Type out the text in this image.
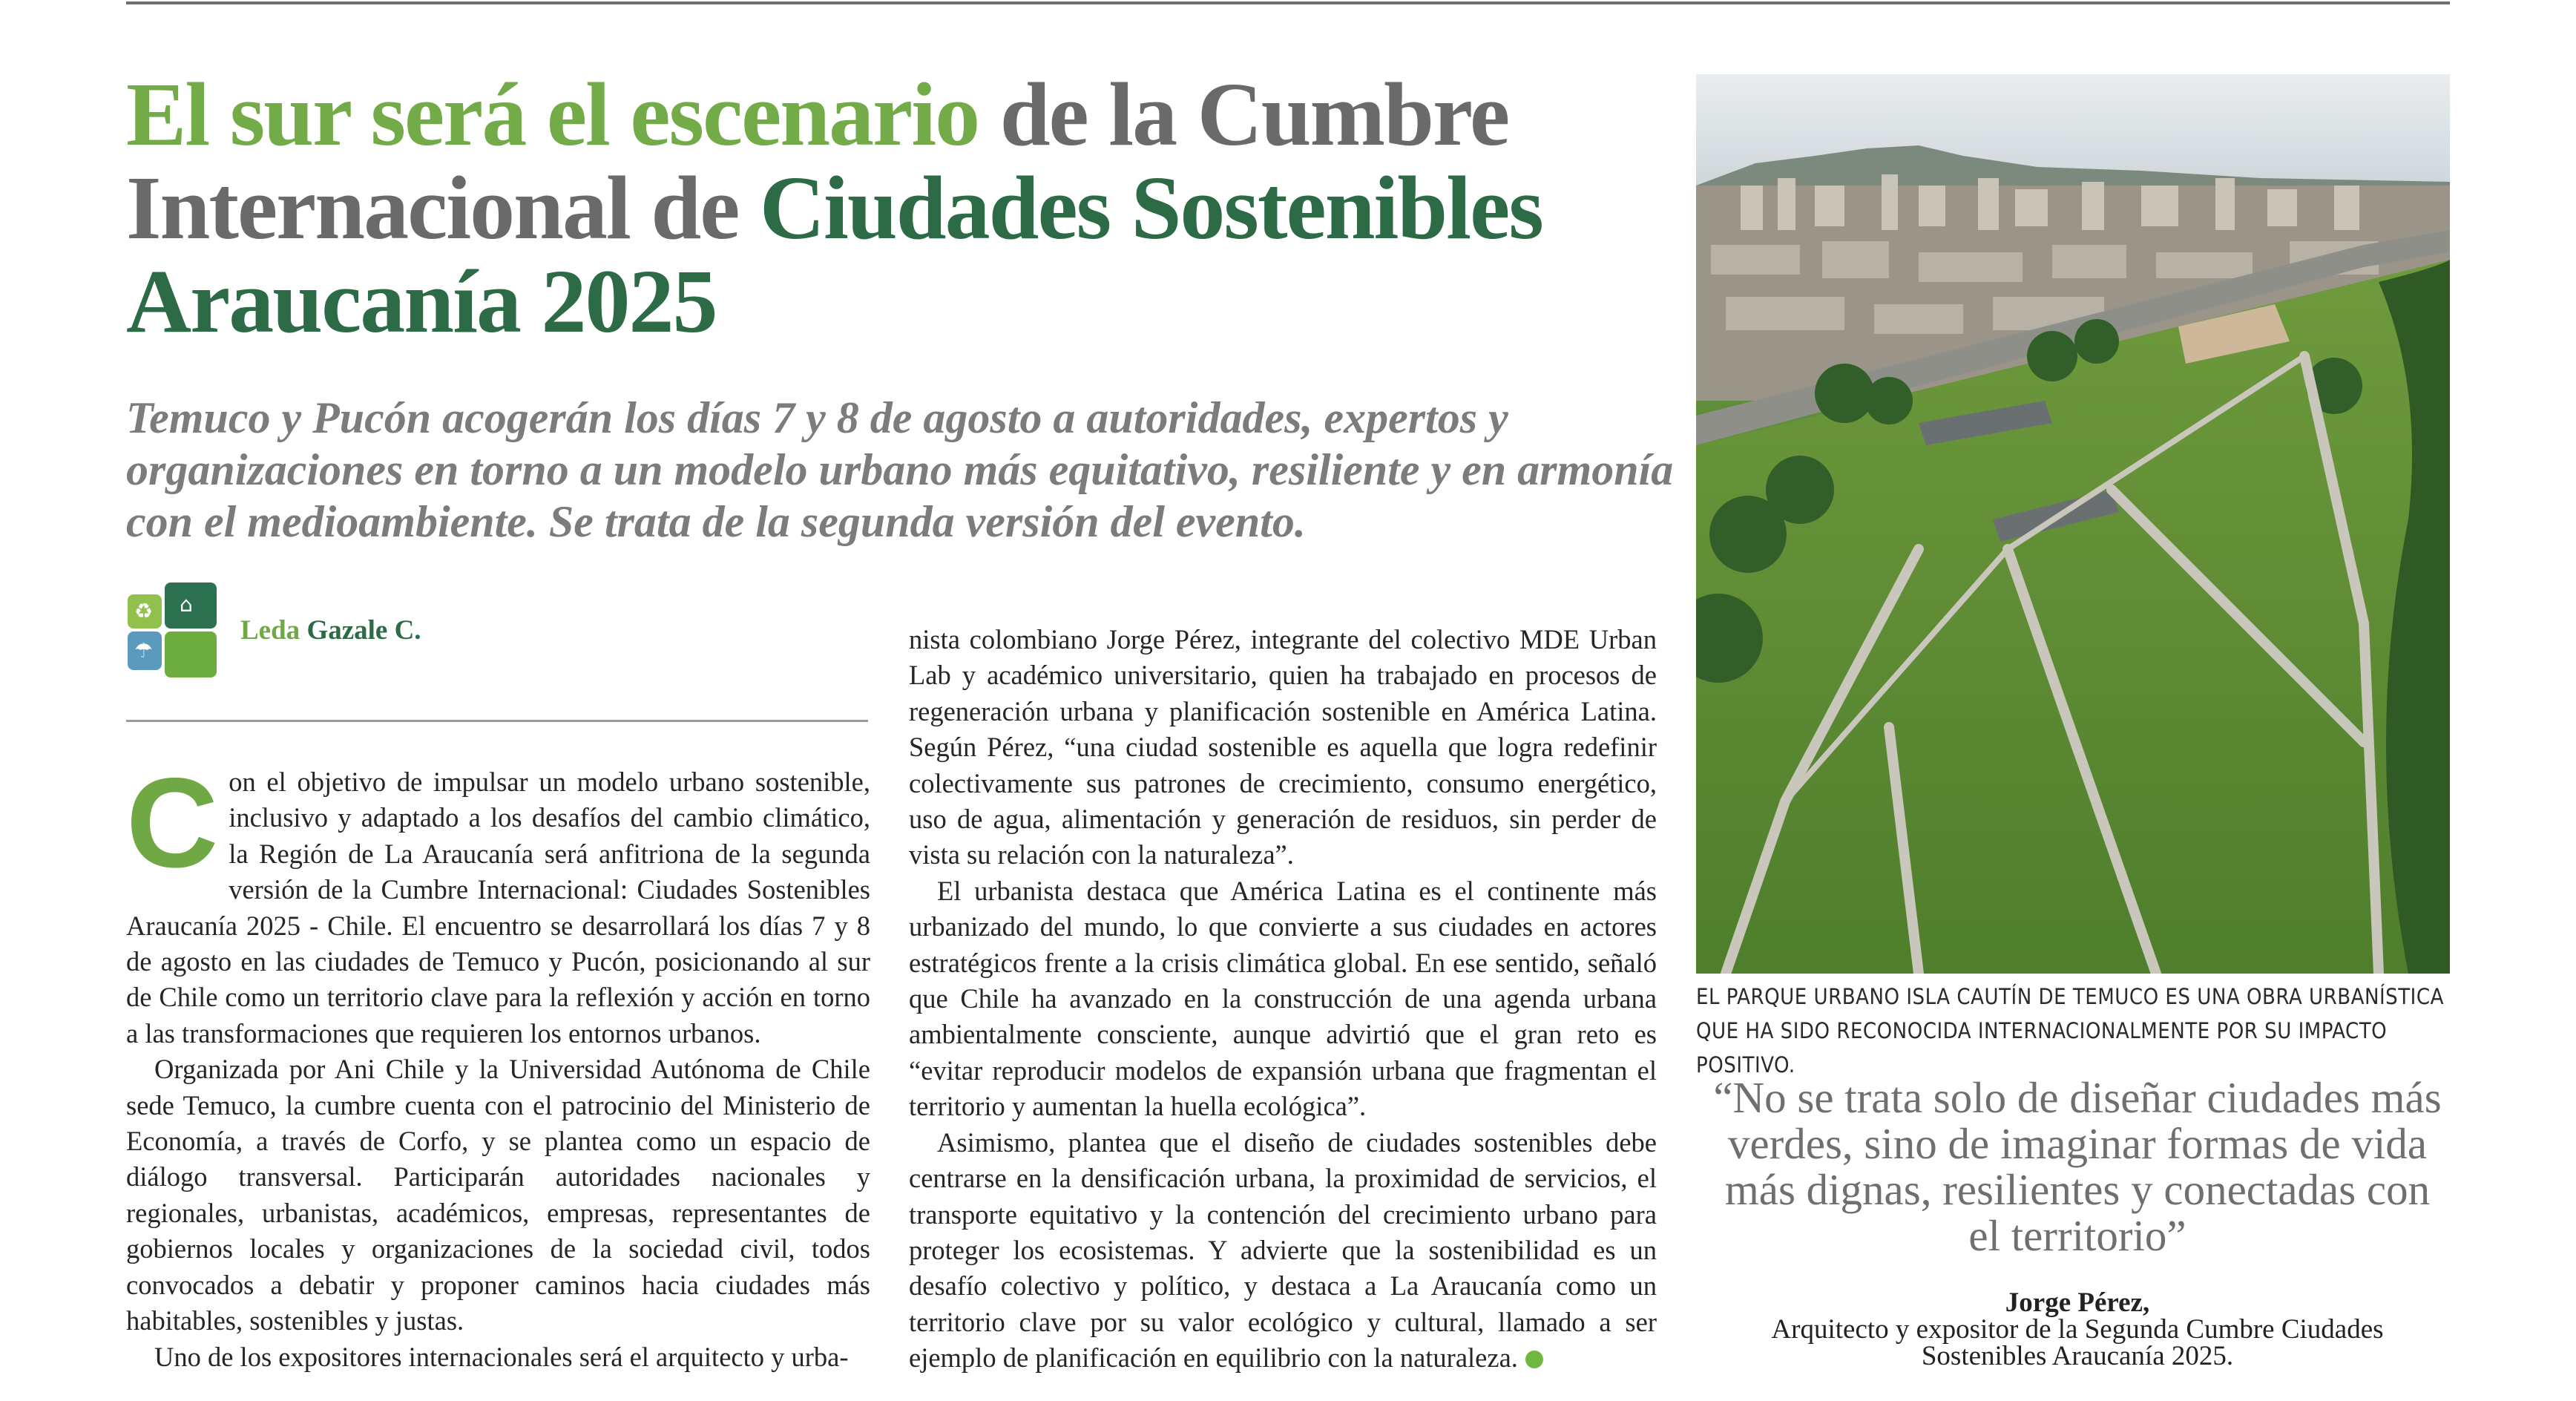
El sur será el escenario de la Cumbre Internacional de Ciudades Sostenibles Araucanía 2025

Temuco y Pucón acogerán los días 7 y 8 de agosto a autoridades, expertos y organizaciones en torno a un modelo urbano más equitativo, resiliente y en armonía con el medioambiente. Se trata de la segunda versión del evento.

♻ ⌂
☂
Leda Gazale C.

Con el objetivo de impulsar un modelo urbano sostenible, inclusivo y adaptado a los desafíos del cambio climático, la Región de La Araucanía será anfitriona de la segunda versión de la Cumbre Internacional: Ciudades Sostenibles Araucanía 2025 - Chile. El encuentro se desarrollará los días 7 y 8 de agosto en las ciudades de Temuco y Pucón, posicionando al sur de Chile como un territorio clave para la reflexión y acción en torno a las transformaciones que requieren los entornos urbanos.

Organizada por Ani Chile y la Universidad Autónoma de Chile sede Temuco, la cumbre cuenta con el patrocinio del Ministerio de Economía, a través de Corfo, y se plantea como un espacio de diálogo transversal. Participarán autoridades nacionales y regionales, urbanistas, académicos, empresas, representantes de gobiernos locales y organizaciones de la sociedad civil, todos convocados a debatir y proponer caminos hacia ciudades más habitables, sostenibles y justas.

Uno de los expositores internacionales será el arquitecto y urba-

nista colombiano Jorge Pérez, integrante del colectivo MDE Urban Lab y académico universitario, quien ha trabajado en procesos de regeneración urbana y planificación sostenible en América Latina. Según Pérez, “una ciudad sostenible es aquella que logra redefinir colectivamente sus patrones de crecimiento, consumo energético, uso de agua, alimentación y generación de residuos, sin perder de vista su relación con la naturaleza”.

El urbanista destaca que América Latina es el continente más urbanizado del mundo, lo que convierte a sus ciudades en actores estratégicos frente a la crisis climática global. En ese sentido, señaló que Chile ha avanzado en la construcción de una agenda urbana ambientalmente consciente, aunque advirtió que el gran reto es “evitar reproducir modelos de expansión urbana que fragmentan el territorio y aumentan la huella ecológica”.

Asimismo, plantea que el diseño de ciudades sostenibles debe centrarse en la densificación urbana, la proximidad de servicios, el transporte equitativo y la contención del crecimiento urbano para proteger los ecosistemas. Y advierte que la sostenibilidad es un desafío colectivo y político, y destaca a La Araucanía como un territorio clave por su valor ecológico y cultural, llamado a ser ejemplo de planificación en equilibrio con la naturaleza.

EL PARQUE URBANO ISLA CAUTÍN DE TEMUCO ES UNA OBRA URBANÍSTICA QUE HA SIDO RECONOCIDA INTERNACIONALMENTE POR SU IMPACTO POSITIVO.

“No se trata solo de diseñar ciudades más verdes, sino de imaginar formas de vida más dignas, resilientes y conectadas con el territorio”

Jorge Pérez,
Arquitecto y expositor de la Segunda Cumbre Ciudades Sostenibles Araucanía 2025.
